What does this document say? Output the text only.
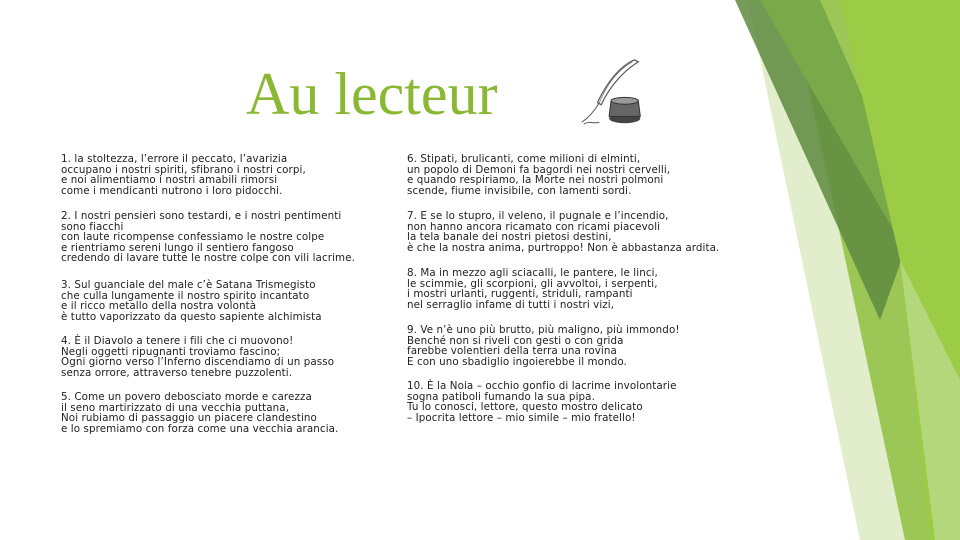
Au lecteur
1. la stoltezza, l’errore il peccato, l’avarizia
occupano i nostri spiriti, sfibrano i nostri corpi,
e noi alimentiamo i nostri amabili rimorsi
come i mendicanti nutrono i loro pidocchi.
2. I nostri pensieri sono testardi, e i nostri pentimenti
sono fiacchi
con laute ricompense confessiamo le nostre colpe
e rientriamo sereni lungo il sentiero fangoso
credendo di lavare tutte le nostre colpe con vili lacrime.
3. Sul guanciale del male c’è Satana Trismegisto
che culla lungamente il nostro spirito incantato
e il ricco metallo della nostra volontà
è tutto vaporizzato da questo sapiente alchimista
4. È il Diavolo a tenere i fili che ci muovono!
Negli oggetti ripugnanti troviamo fascino;
Ogni giorno verso l’Inferno discendiamo di un passo
senza orrore, attraverso tenebre puzzolenti.
5. Come un povero debosciato morde e carezza
il seno martirizzato di una vecchia puttana,
Noi rubiamo di passaggio un piacere clandestino
e lo spremiamo con forza come una vecchia arancia.
6. Stipati, brulicanti, come milioni di elminti,
un popolo di Demoni fa bagordi nei nostri cervelli,
e quando respiriamo, la Morte nei nostri polmoni
scende, fiume invisibile, con lamenti sordi.
7. E se lo stupro, il veleno, il pugnale e l’incendio,
non hanno ancora ricamato con ricami piacevoli
la tela banale dei nostri pietosi destini,
è che la nostra anima, purtroppo! Non è abbastanza ardita.
8. Ma in mezzo agli sciacalli, le pantere, le linci,
le scimmie, gli scorpioni, gli avvoltoi, i serpenti,
i mostri urlanti, ruggenti, striduli, rampanti
nel serraglio infame di tutti i nostri vizi,
9. Ve n’è uno più brutto, più maligno, più immondo!
Benché non si riveli con gesti o con grida
farebbe volentieri della terra una rovina
E con uno sbadiglio ingoierebbe il mondo.
10. È la Noia – occhio gonfio di lacrime involontarie
sogna patiboli fumando la sua pipa.
Tu lo conosci, lettore, questo mostro delicato
– Ipocrita lettore – mio simile – mio fratello!
